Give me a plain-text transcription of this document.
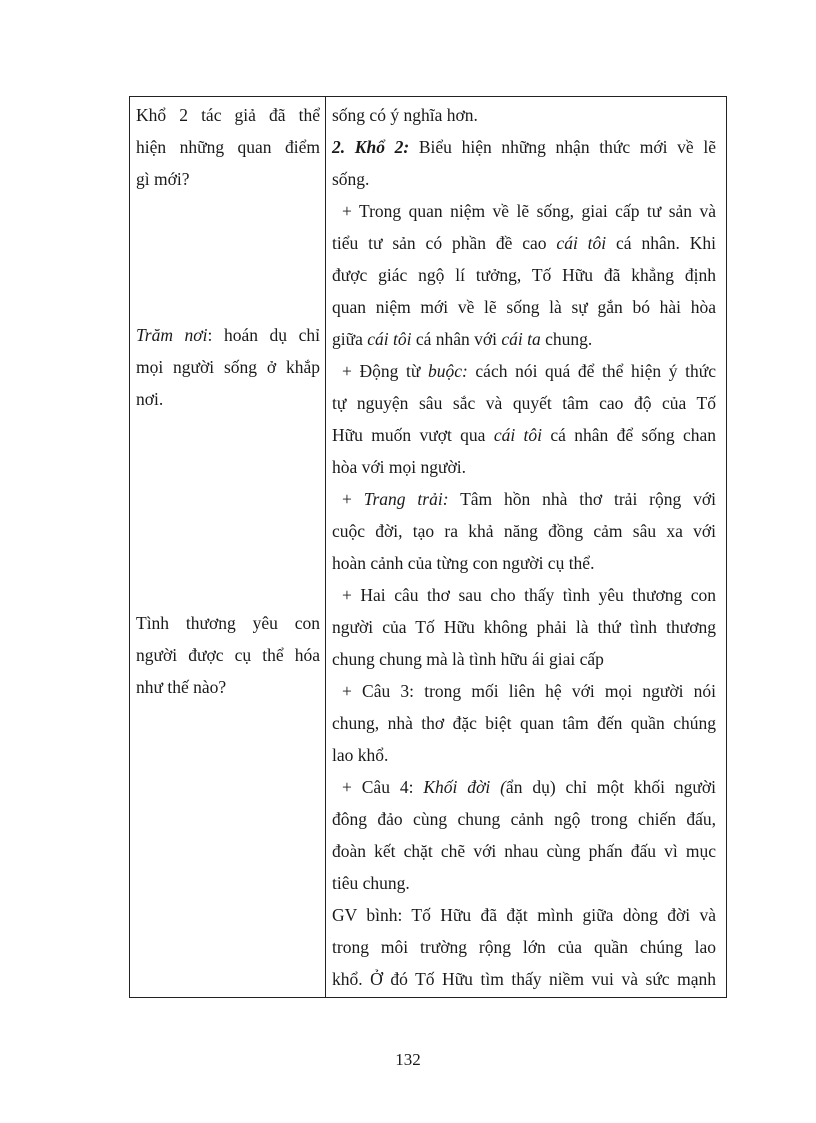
Khổ 2 tác giả đã thể
hiện những quan điểm
gì mới?
Trăm nơi: hoán dụ chỉ
mọi người sống ở khắp
nơi.
Tình thương yêu con
người được cụ thể hóa
như thế nào?
sống có ý nghĩa hơn.
2. Khổ 2: Biểu hiện những nhận thức mới về lẽ
sống.
+ Trong quan niệm về lẽ sống, giai cấp tư sản và
tiểu tư sản có phần đề cao cái tôi cá nhân. Khi
được giác ngộ lí tưởng, Tố Hữu đã khẳng định
quan niệm mới về lẽ sống là sự gắn bó hài hòa
giữa cái tôi cá nhân với cái ta chung.
+ Động từ buộc: cách nói quá để thể hiện ý thức
tự nguyện sâu sắc và quyết tâm cao độ của Tố
Hữu muốn vượt qua cái tôi cá nhân để sống chan
hòa với mọi người.
+ Trang trải: Tâm hồn nhà thơ trải rộng với
cuộc đời, tạo ra khả năng đồng cảm sâu xa với
hoàn cảnh của từng con người cụ thể.
+ Hai câu thơ sau cho thấy tình yêu thương con
người của Tố Hữu không phải là thứ tình thương
chung chung mà là tình hữu ái giai cấp
+ Câu 3: trong mối liên hệ với mọi người nói
chung, nhà thơ đặc biệt quan tâm đến quần chúng
lao khổ.
+ Câu 4: Khối đời (ẩn dụ) chỉ một khối người
đông đảo cùng chung cảnh ngộ trong chiến đấu,
đoàn kết chặt chẽ với nhau cùng phấn đấu vì mục
tiêu chung.
GV bình: Tố Hữu đã đặt mình giữa dòng đời và
trong môi trường rộng lớn của quần chúng lao
khổ. Ở đó Tố Hữu tìm thấy niềm vui và sức mạnh
132
